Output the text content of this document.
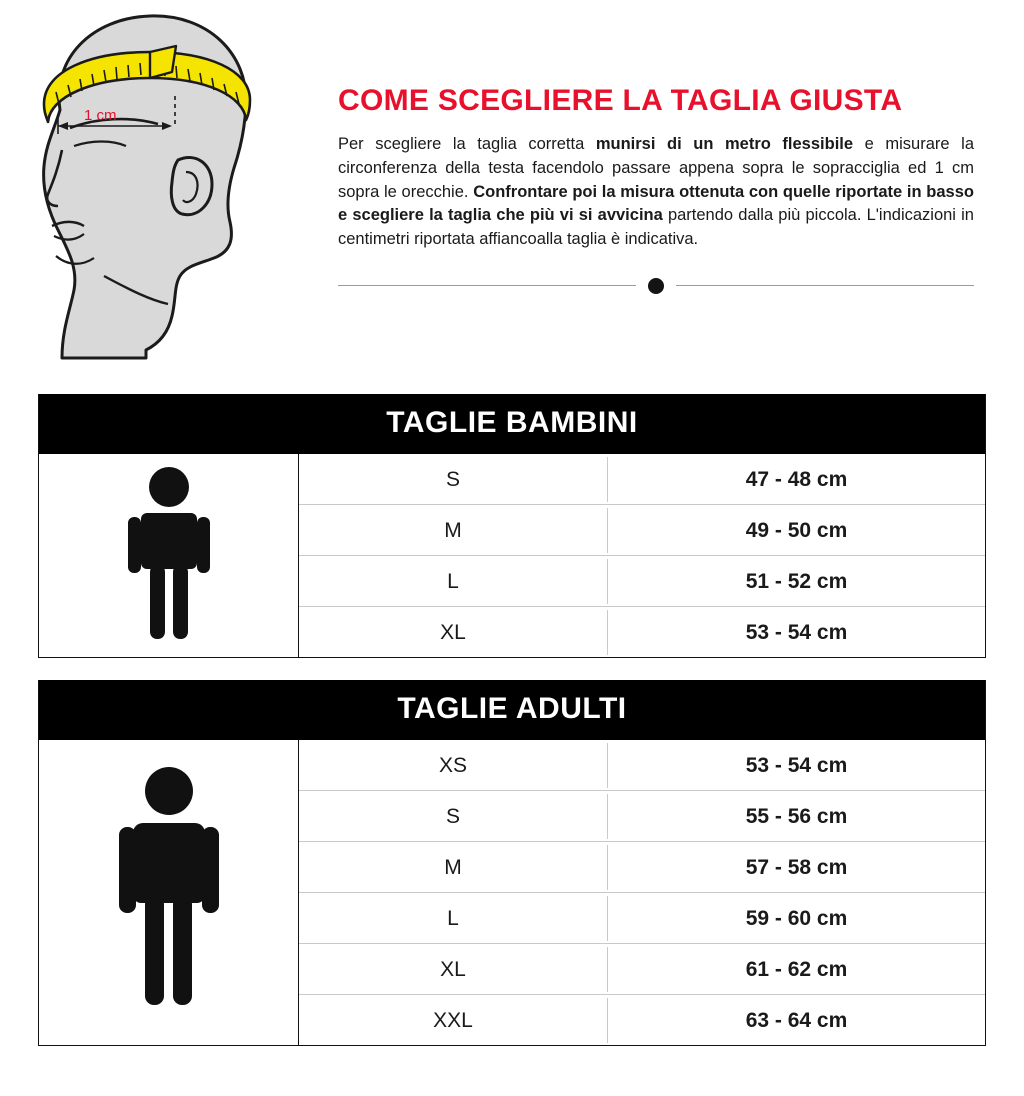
1 cm	COME SCEGLIERE LA TAGLIA GIUSTA

Per scegliere la taglia corretta munirsi di un metro flessibile e misurare la circonferenza della testa facendolo passare appena sopra le sopracciglia ed 1 cm sopra le orecchie. Confrontare poi la misura ottenuta con quelle riportate in basso e scegliere la taglia che più vi si avvicina partendo dalla più piccola. L'indicazioni in centimetri riportata affiancoalla taglia è indicativa.

TAGLIE BAMBINI
S	47 - 48 cm
M	49 - 50 cm
L	51 - 52 cm
XL	53 - 54 cm
TAGLIE ADULTI
XS	53 - 54 cm
S	55 - 56 cm
M	57 - 58 cm
L	59 - 60 cm
XL	61 - 62 cm
XXL	63 - 64 cm
